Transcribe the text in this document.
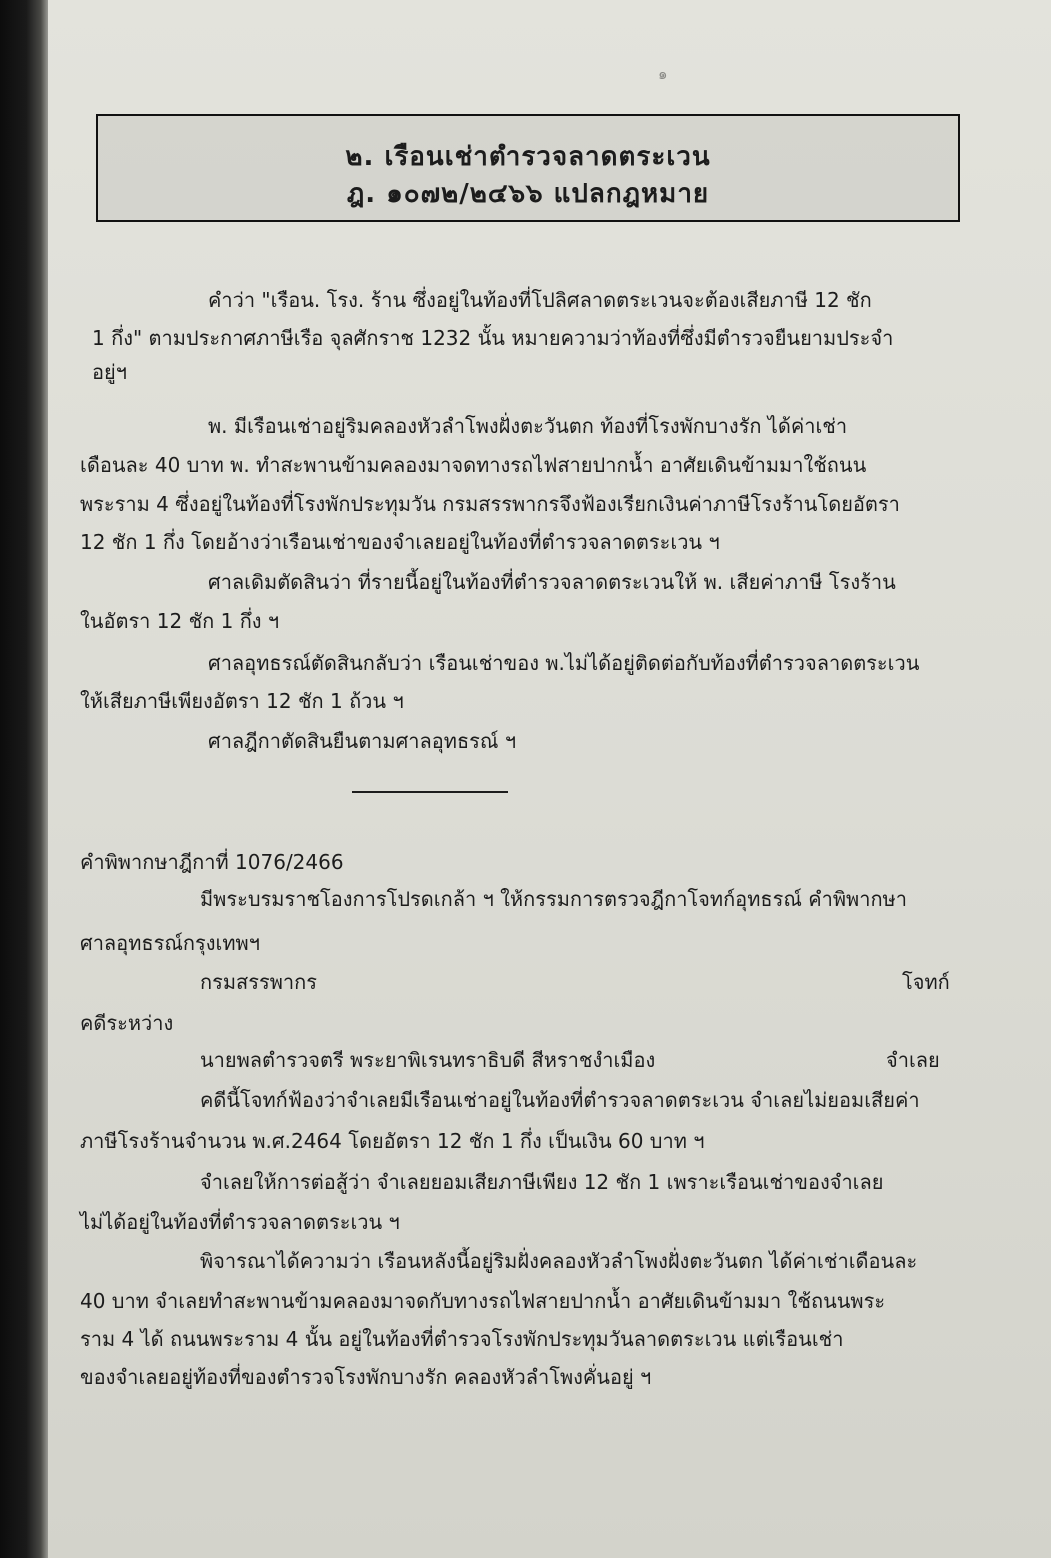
๑
๒. เรือนเช่าตำรวจลาดตระเวน
ฎ. ๑๐๗๒/๒๔๖๖ แปลกฎหมาย
คำว่า "เรือน. โรง. ร้าน ซึ่งอยู่ในท้องที่โปลิศลาดตระเวนจะต้องเสียภาษี 12 ชัก
1 กึ่ง" ตามประกาศภาษีเรือ จุลศักราช 1232 นั้น หมายความว่าท้องที่ซึ่งมีตำรวจยืนยามประจำ
อยู่ฯ
พ. มีเรือนเช่าอยู่ริมคลองหัวลำโพงฝั่งตะวันตก ท้องที่โรงพักบางรัก ได้ค่าเช่า
เดือนละ 40 บาท พ. ทำสะพานข้ามคลองมาจดทางรถไฟสายปากน้ำ อาศัยเดินข้ามมาใช้ถนน
พระราม 4 ซึ่งอยู่ในท้องที่โรงพักประทุมวัน กรมสรรพากรจึงฟ้องเรียกเงินค่าภาษีโรงร้านโดยอัตรา
12 ชัก 1 กึ่ง โดยอ้างว่าเรือนเช่าของจำเลยอยู่ในท้องที่ตำรวจลาดตระเวน ฯ
ศาลเดิมตัดสินว่า ที่รายนี้อยู่ในท้องที่ตำรวจลาดตระเวนให้ พ. เสียค่าภาษี โรงร้าน
ในอัตรา 12 ชัก 1 กึ่ง ฯ
ศาลอุทธรณ์ตัดสินกลับว่า เรือนเช่าของ พ.ไม่ได้อยู่ติดต่อกับท้องที่ตำรวจลาดตระเวน
ให้เสียภาษีเพียงอัตรา 12 ชัก 1 ถ้วน ฯ
ศาลฎีกาตัดสินยืนตามศาลอุทธรณ์ ฯ
คำพิพากษาฎีกาที่ 1076/2466
มีพระบรมราชโองการโปรดเกล้า ฯ ให้กรรมการตรวจฎีกาโจทก์อุทธรณ์ คำพิพากษา
ศาลอุทธรณ์กรุงเทพฯ
กรมสรรพากร	โจทก์
คดีระหว่าง
นายพลตำรวจตรี พระยาพิเรนทราธิบดี สีหราชงำเมือง	จำเลย
คดีนี้โจทก์ฟ้องว่าจำเลยมีเรือนเช่าอยู่ในท้องที่ตำรวจลาดตระเวน จำเลยไม่ยอมเสียค่า
ภาษีโรงร้านจำนวน พ.ศ.2464 โดยอัตรา 12 ชัก 1 กึ่ง เป็นเงิน 60 บาท ฯ
จำเลยให้การต่อสู้ว่า จำเลยยอมเสียภาษีเพียง 12 ชัก 1 เพราะเรือนเช่าของจำเลย
ไม่ได้อยู่ในท้องที่ตำรวจลาดตระเวน ฯ
พิจารณาได้ความว่า เรือนหลังนี้อยู่ริมฝั่งคลองหัวลำโพงฝั่งตะวันตก ได้ค่าเช่าเดือนละ
40 บาท จำเลยทำสะพานข้ามคลองมาจดกับทางรถไฟสายปากน้ำ อาศัยเดินข้ามมา ใช้ถนนพระ
ราม 4 ได้ ถนนพระราม 4 นั้น อยู่ในท้องที่ตำรวจโรงพักประทุมวันลาดตระเวน แต่เรือนเช่า
ของจำเลยอยู่ท้องที่ของตำรวจโรงพักบางรัก คลองหัวลำโพงคั่นอยู่ ฯ
